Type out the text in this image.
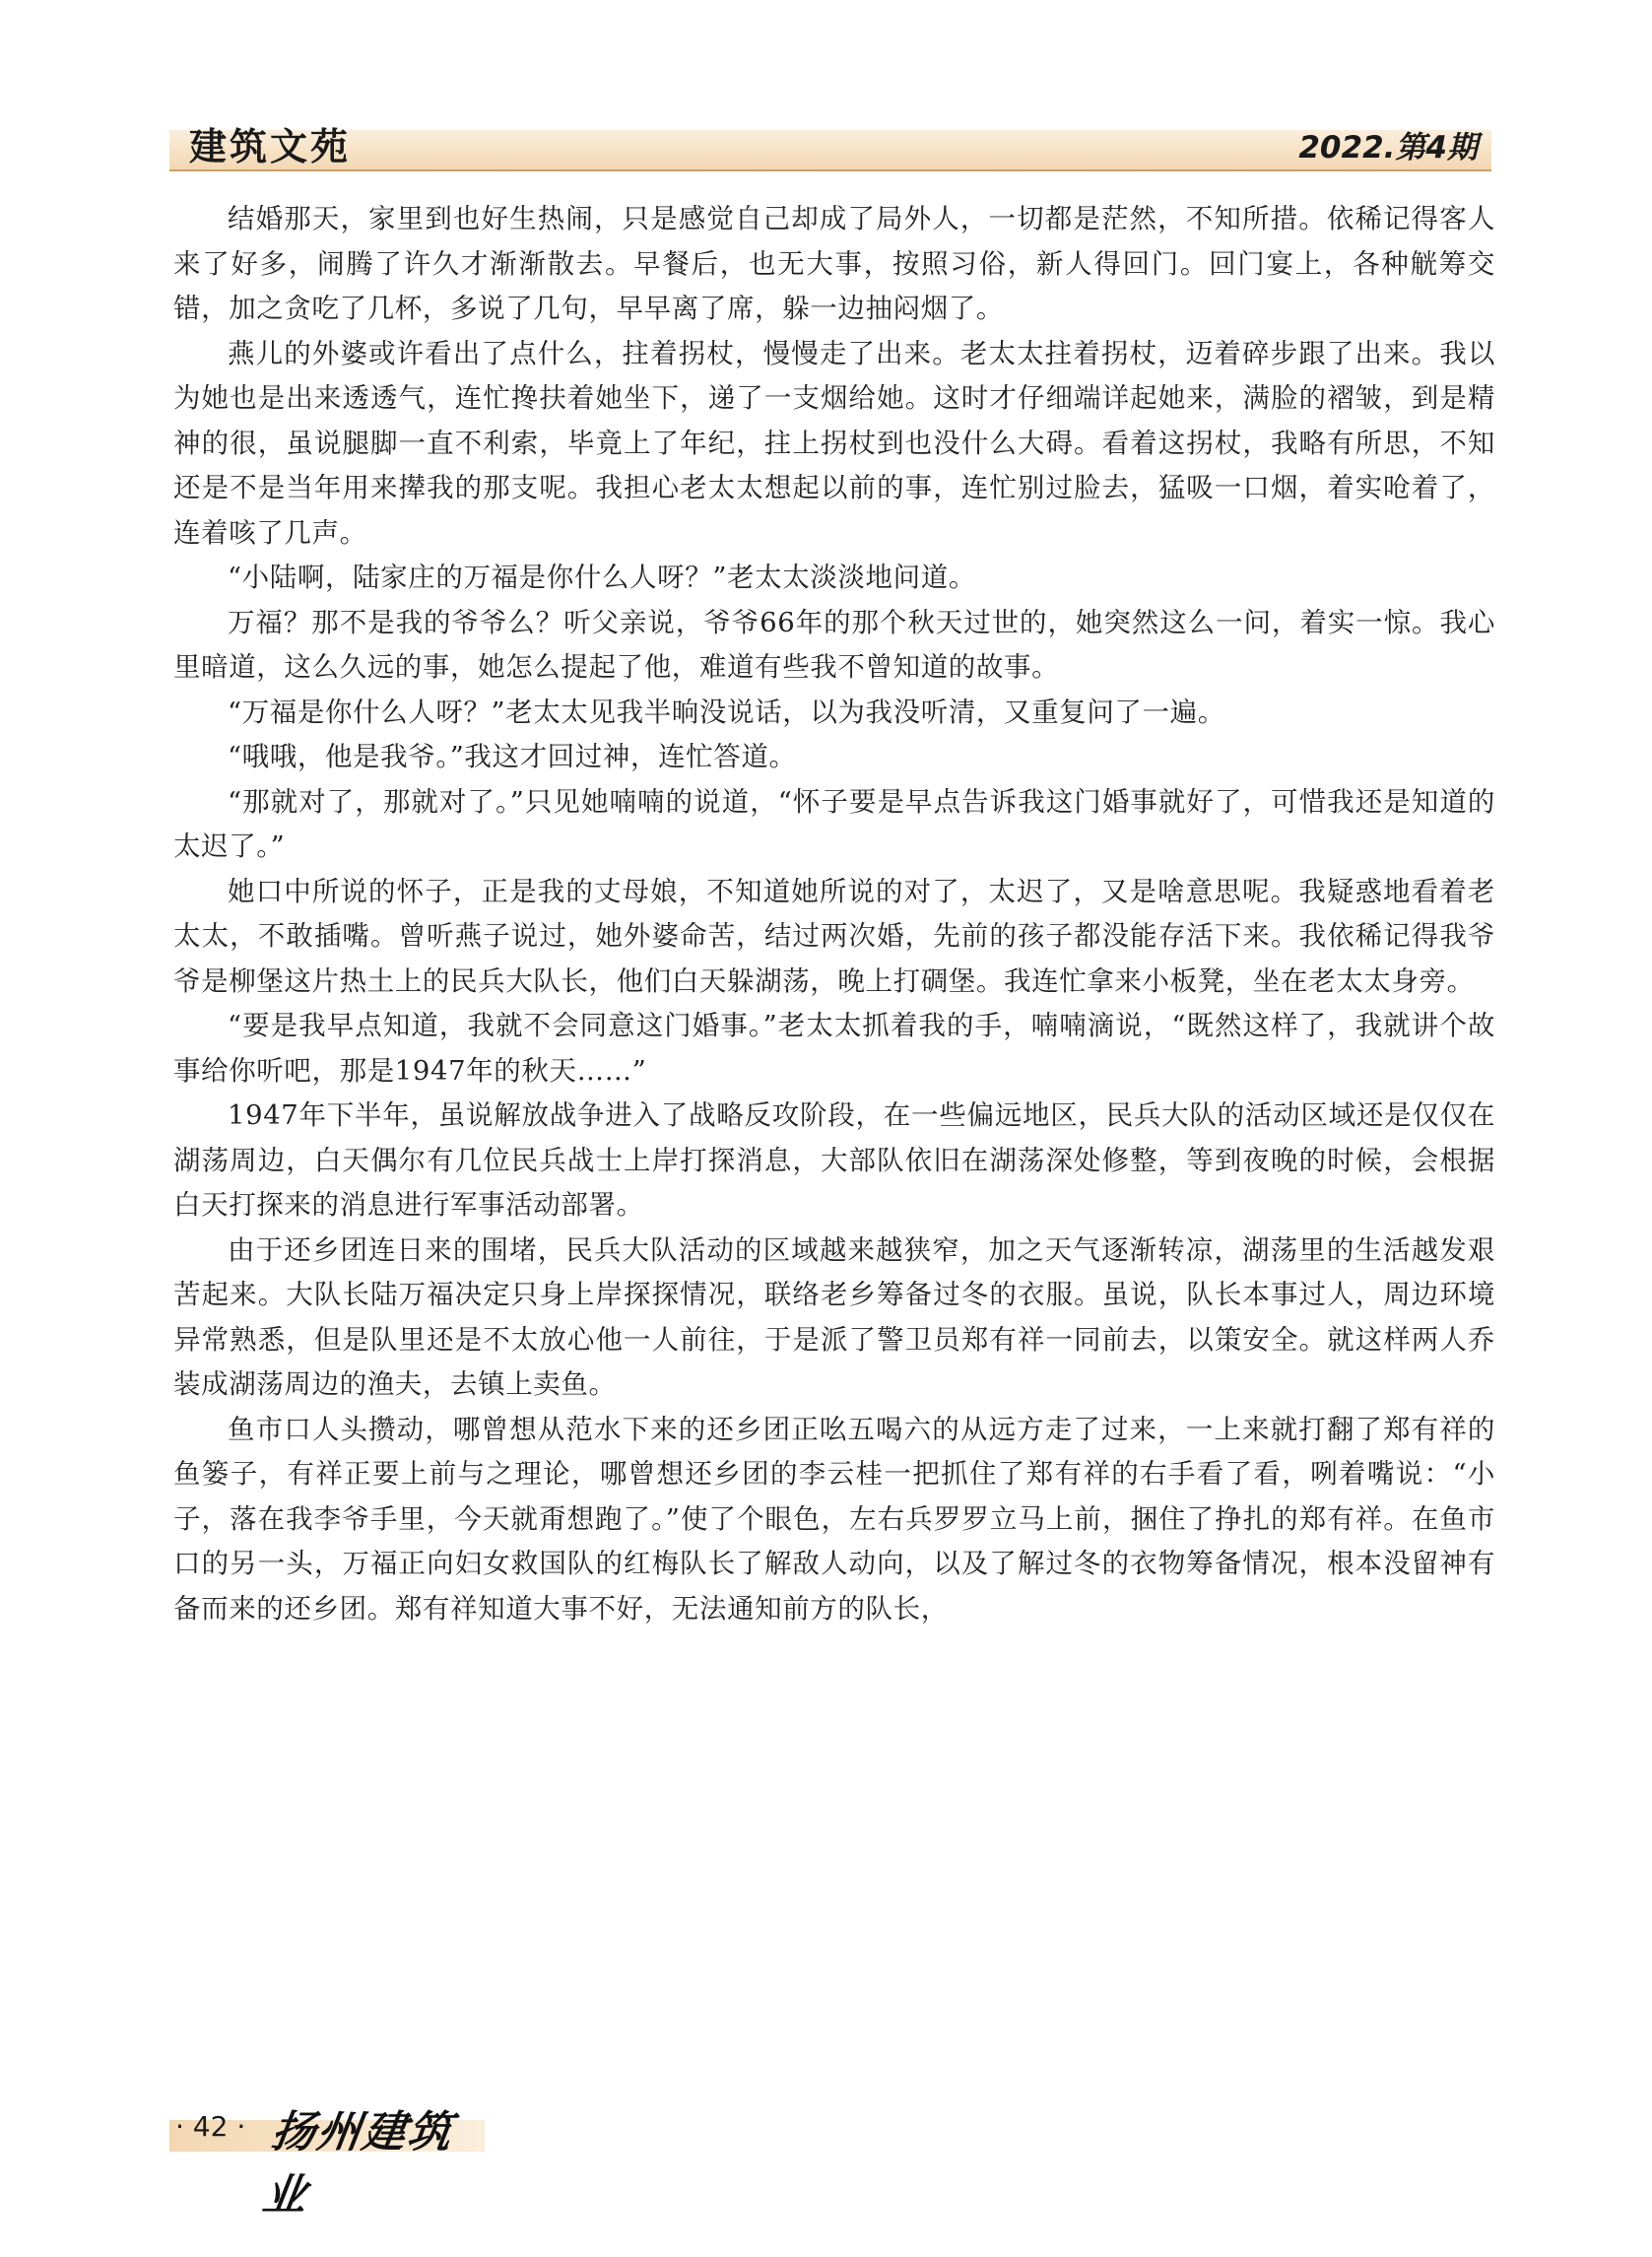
建筑文苑	2022.第4期

结婚那天，家里到也好生热闹，只是感觉自己却成了局外人，一切都是茫然，不知所措。依稀记得客人来了好多，闹腾了许久才渐渐散去。早餐后，也无大事，按照习俗，新人得回门。回门宴上，各种觥筹交错，加之贪吃了几杯，多说了几句，早早离了席，躲一边抽闷烟了。

燕儿的外婆或许看出了点什么，拄着拐杖，慢慢走了出来。老太太拄着拐杖，迈着碎步跟了出来。我以为她也是出来透透气，连忙搀扶着她坐下，递了一支烟给她。这时才仔细端详起她来，满脸的褶皱，到是精神的很，虽说腿脚一直不利索，毕竟上了年纪，拄上拐杖到也没什么大碍。看着这拐杖，我略有所思，不知还是不是当年用来撵我的那支呢。我担心老太太想起以前的事，连忙别过脸去，猛吸一口烟，着实呛着了，连着咳了几声。

“小陆啊，陆家庄的万福是你什么人呀？”老太太淡淡地问道。

万福？那不是我的爷爷么？听父亲说，爷爷66年的那个秋天过世的，她突然这么一问，着实一惊。我心里暗道，这么久远的事，她怎么提起了他，难道有些我不曾知道的故事。

“万福是你什么人呀？”老太太见我半晌没说话，以为我没听清，又重复问了一遍。

“哦哦，他是我爷。”我这才回过神，连忙答道。

“那就对了，那就对了。”只见她喃喃的说道，“怀子要是早点告诉我这门婚事就好了，可惜我还是知道的太迟了。”

她口中所说的怀子，正是我的丈母娘，不知道她所说的对了，太迟了，又是啥意思呢。我疑惑地看着老太太，不敢插嘴。曾听燕子说过，她外婆命苦，结过两次婚，先前的孩子都没能存活下来。我依稀记得我爷爷是柳堡这片热土上的民兵大队长，他们白天躲湖荡，晚上打碉堡。我连忙拿来小板凳，坐在老太太身旁。

“要是我早点知道，我就不会同意这门婚事。”老太太抓着我的手，喃喃滴说，“既然这样了，我就讲个故事给你听吧，那是1947年的秋天……”

1947年下半年，虽说解放战争进入了战略反攻阶段，在一些偏远地区，民兵大队的活动区域还是仅仅在湖荡周边，白天偶尔有几位民兵战士上岸打探消息，大部队依旧在湖荡深处修整，等到夜晚的时候，会根据白天打探来的消息进行军事活动部署。

由于还乡团连日来的围堵，民兵大队活动的区域越来越狭窄，加之天气逐渐转凉，湖荡里的生活越发艰苦起来。大队长陆万福决定只身上岸探探情况，联络老乡筹备过冬的衣服。虽说，队长本事过人，周边环境异常熟悉，但是队里还是不太放心他一人前往，于是派了警卫员郑有祥一同前去，以策安全。就这样两人乔装成湖荡周边的渔夫，去镇上卖鱼。

鱼市口人头攒动，哪曾想从范水下来的还乡团正吆五喝六的从远方走了过来，一上来就打翻了郑有祥的鱼篓子，有祥正要上前与之理论，哪曾想还乡团的李云桂一把抓住了郑有祥的右手看了看，咧着嘴说：“小子，落在我李爷手里，今天就甭想跑了。”使了个眼色，左右兵罗罗立马上前，捆住了挣扎的郑有祥。在鱼市口的另一头，万福正向妇女救国队的红梅队长了解敌人动向，以及了解过冬的衣物筹备情况，根本没留神有备而来的还乡团。郑有祥知道大事不好，无法通知前方的队长，

· 42 · 扬州建筑业
